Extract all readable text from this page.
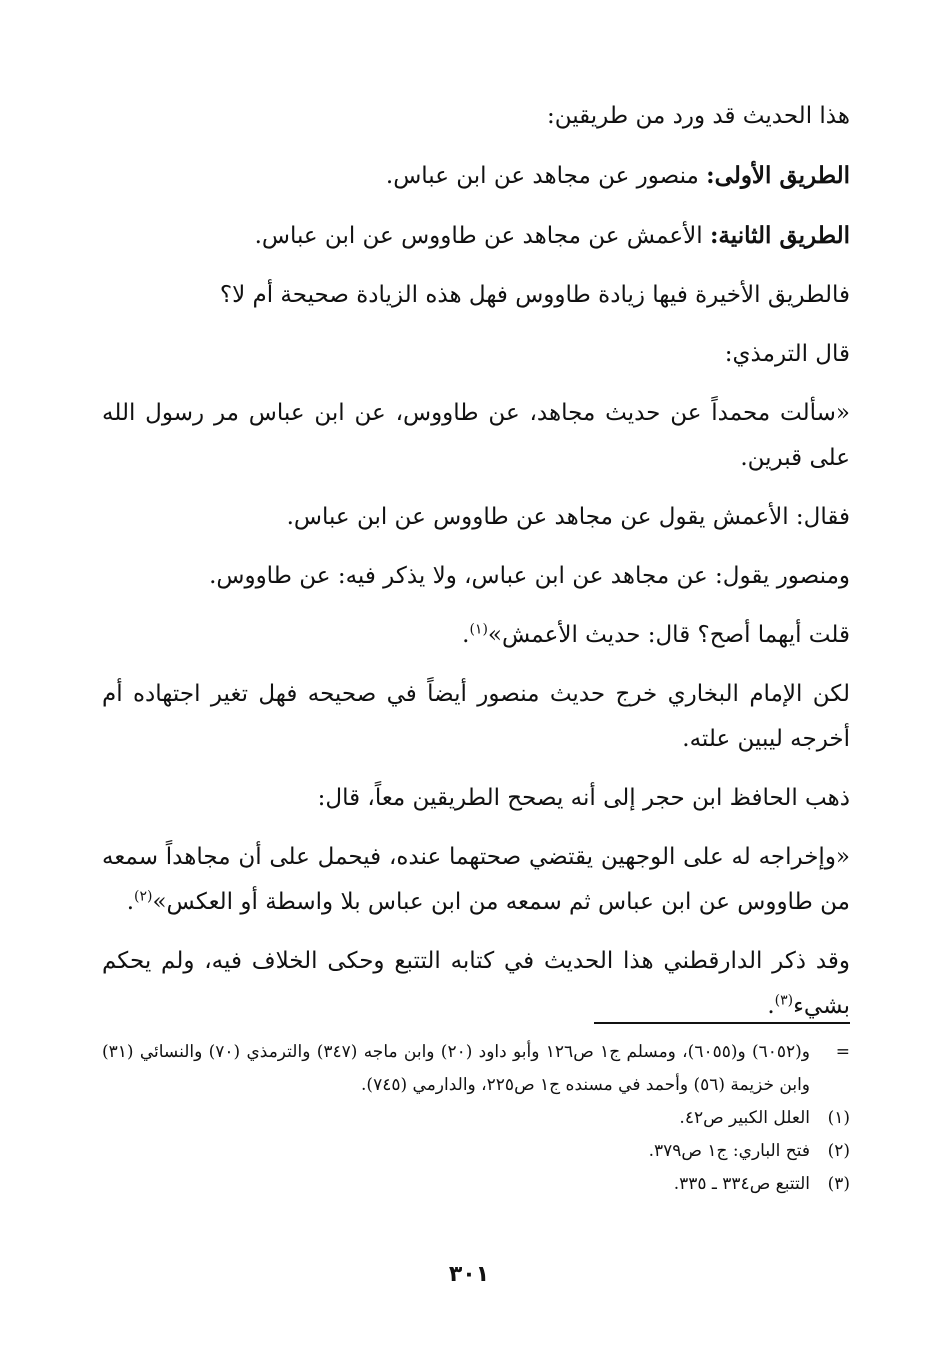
هذا الحديث قد ورد من طريقين:

الطريق الأولى: منصور عن مجاهد عن ابن عباس.

الطريق الثانية: الأعمش عن مجاهد عن طاووس عن ابن عباس.

فالطريق الأخيرة فيها زيادة طاووس فهل هذه الزيادة صحيحة أم لا؟

قال الترمذي:

«سألت محمداً عن حديث مجاهد، عن طاووس، عن ابن عباس مر رسول الله على قبرين.

فقال: الأعمش يقول عن مجاهد عن طاووس عن ابن عباس.

ومنصور يقول: عن مجاهد عن ابن عباس، ولا يذكر فيه: عن طاووس.

قلت أيهما أصح؟ قال: حديث الأعمش»$^{(١)}$.

لكن الإمام البخاري خرج حديث منصور أيضاً في صحيحه فهل تغير اجتهاده أم أخرجه ليبين علته.

ذهب الحافظ ابن حجر إلى أنه يصحح الطريقين معاً، قال:

«وإخراجه له على الوجهين يقتضي صحتهما عنده، فيحمل على أن مجاهداً سمعه من طاووس عن ابن عباس ثم سمعه من ابن عباس بلا واسطة أو العكس»$^{(٢)}$.

وقد ذكر الدارقطني هذا الحديث في كتابه التتبع وحكى الخلاف فيه، ولم يحكم بشيء$^{(٣)}$.

=
و(٦٠٥٢) و(٦٠٥٥)، ومسلم ج١ ص١٢٦ وأبو داود (٢٠) وابن ماجه (٣٤٧) والترمذي (٧٠) والنسائي (٣١) وابن خزيمة (٥٦) وأحمد في مسنده ج١ ص٢٢٥، والدارمي (٧٤٥).
(١)
العلل الكبير ص٤٢.
(٢)
فتح الباري: ج١ ص٣٧٩.
(٣)
التتبع ص٣٣٤ ـ ٣٣٥.
٣٠١
